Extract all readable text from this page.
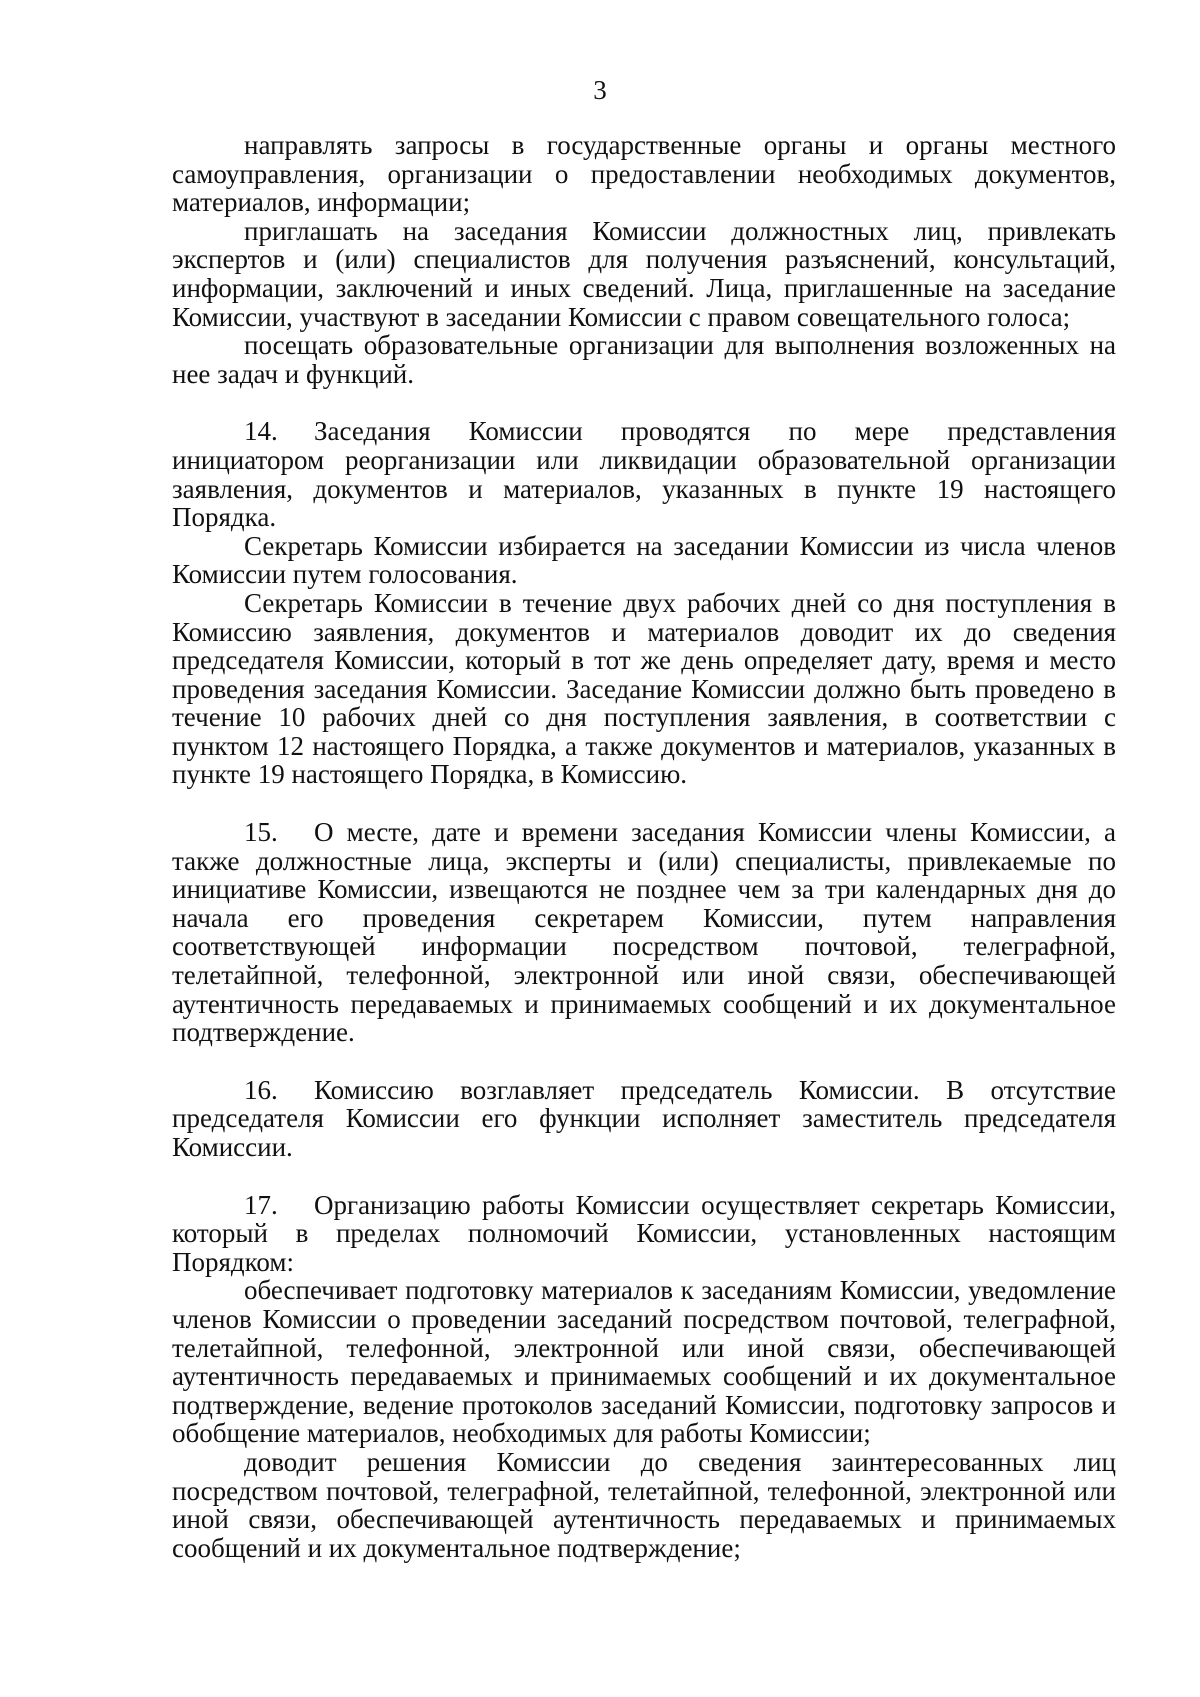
3

направлять запросы в государственные органы и органы местного самоуправления, организации о предоставлении необходимых документов, материалов, информации;

приглашать на заседания Комиссии должностных лиц, привлекать экспертов и (или) специалистов для получения разъяснений, консультаций, информации, заключений и иных сведений. Лица, приглашенные на заседание Комиссии, участвуют в заседании Комиссии с правом совещательного голоса;

посещать образовательные организации для выполнения возложенных на нее задач и функций.

14. Заседания Комиссии проводятся по мере представления инициатором реорганизации или ликвидации образовательной организации заявления, документов и материалов, указанных в пункте 19 настоящего Порядка.

Секретарь Комиссии избирается на заседании Комиссии из числа членов Комиссии путем голосования.

Секретарь Комиссии в течение двух рабочих дней со дня поступления в Комиссию заявления, документов и материалов доводит их до сведения председателя Комиссии, который в тот же день определяет дату, время и место проведения заседания Комиссии. Заседание Комиссии должно быть проведено в течение 10 рабочих дней со дня поступления заявления, в соответствии с пунктом 12 настоящего Порядка, а также документов и материалов, указанных в пункте 19 настоящего Порядка, в Комиссию.

15. О месте, дате и времени заседания Комиссии члены Комиссии, а также должностные лица, эксперты и (или) специалисты, привлекаемые по инициативе Комиссии, извещаются не позднее чем за три календарных дня до начала его проведения секретарем Комиссии, путем направления соответствующей информации посредством почтовой, телеграфной, телетайпной, телефонной, электронной или иной связи, обеспечивающей аутентичность передаваемых и принимаемых сообщений и их документальное подтверждение.

16. Комиссию возглавляет председатель Комиссии. В отсутствие председателя Комиссии его функции исполняет заместитель председателя Комиссии.

17. Организацию работы Комиссии осуществляет секретарь Комиссии, который в пределах полномочий Комиссии, установленных настоящим Порядком:

обеспечивает подготовку материалов к заседаниям Комиссии, уведомление членов Комиссии о проведении заседаний посредством почтовой, телеграфной, телетайпной, телефонной, электронной или иной связи, обеспечивающей аутентичность передаваемых и принимаемых сообщений и их документальное подтверждение, ведение протоколов заседаний Комиссии, подготовку запросов и обобщение материалов, необходимых для работы Комиссии;

доводит решения Комиссии до сведения заинтересованных лиц посредством почтовой, телеграфной, телетайпной, телефонной, электронной или иной связи, обеспечивающей аутентичность передаваемых и принимаемых сообщений и их документальное подтверждение;
